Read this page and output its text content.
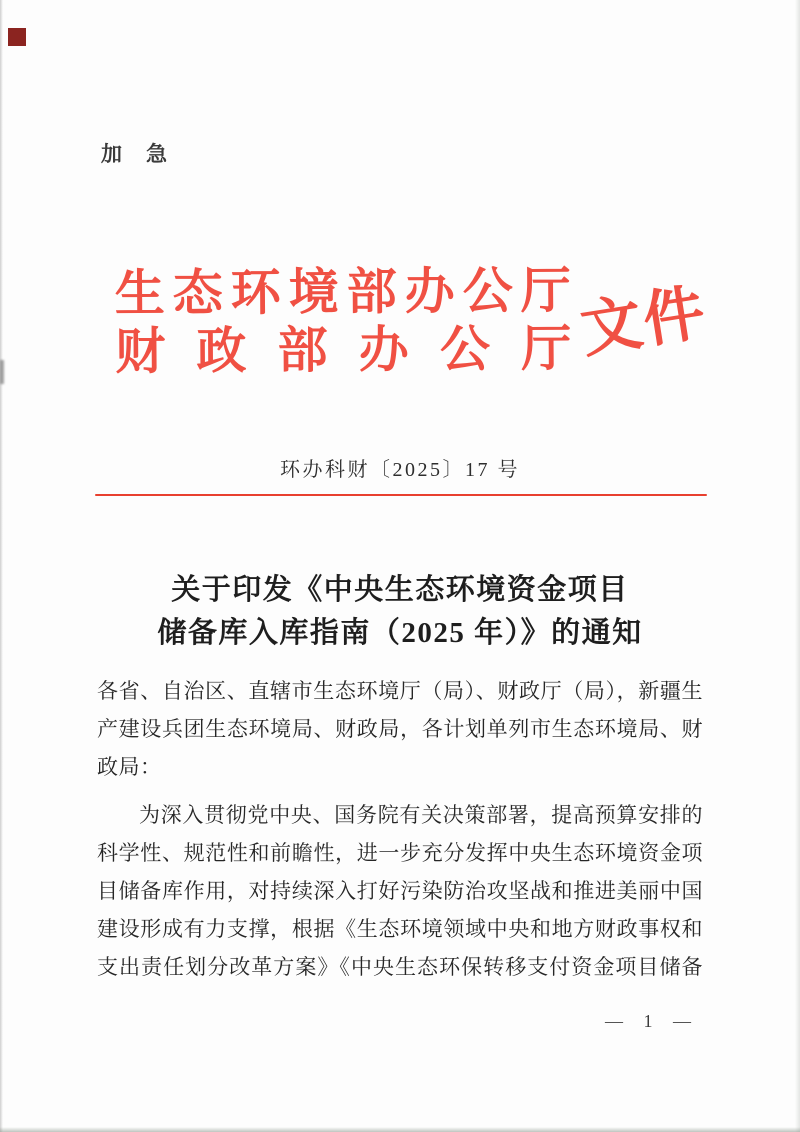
加急
生态环境部办公厅
财政部办公厅 文件
环办科财〔2025〕17 号
关于印发《中央生态环境资金项目
储备库入库指南（2025 年）》的通知
各省、自治区、直辖市生态环境厅（局）、财政厅（局），新疆生
产建设兵团生态环境局、财政局，各计划单列市生态环境局、财
政局：
为深入贯彻党中央、国务院有关决策部署，提高预算安排的
科学性、规范性和前瞻性，进一步充分发挥中央生态环境资金项
目储备库作用，对持续深入打好污染防治攻坚战和推进美丽中国
建设形成有力支撑，根据《生态环境领域中央和地方财政事权和
支出责任划分改革方案》《中央生态环保转移支付资金项目储备
— 1 —
